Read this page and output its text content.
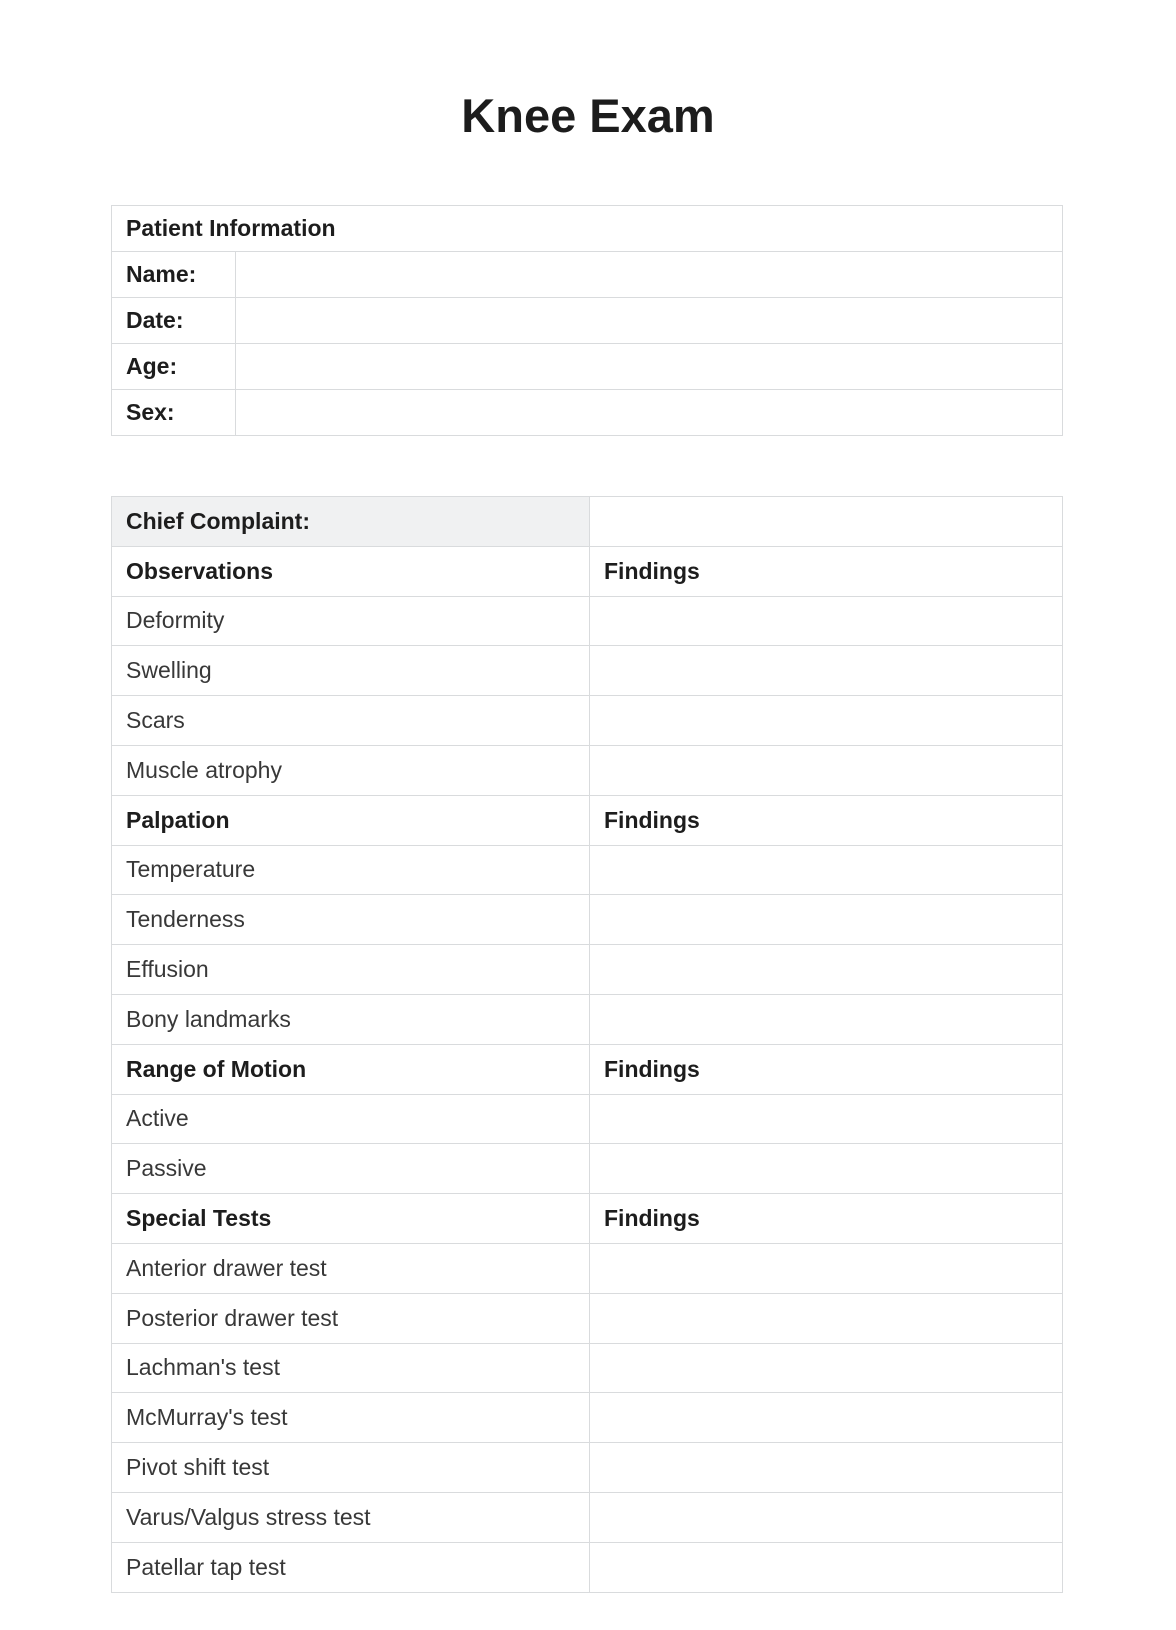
Knee Exam
Patient Information	
Name:	
Date:	
Age:	
Sex:	
Chief Complaint:	
Observations	Findings
Deformity	
Swelling	
Scars	
Muscle atrophy	
Palpation	Findings
Temperature	
Tenderness	
Effusion	
Bony landmarks	
Range of Motion	Findings
Active	
Passive	
Special Tests	Findings
Anterior drawer test	
Posterior drawer test	
Lachman's test	
McMurray's test	
Pivot shift test	
Varus/Valgus stress test	
Patellar tap test	
